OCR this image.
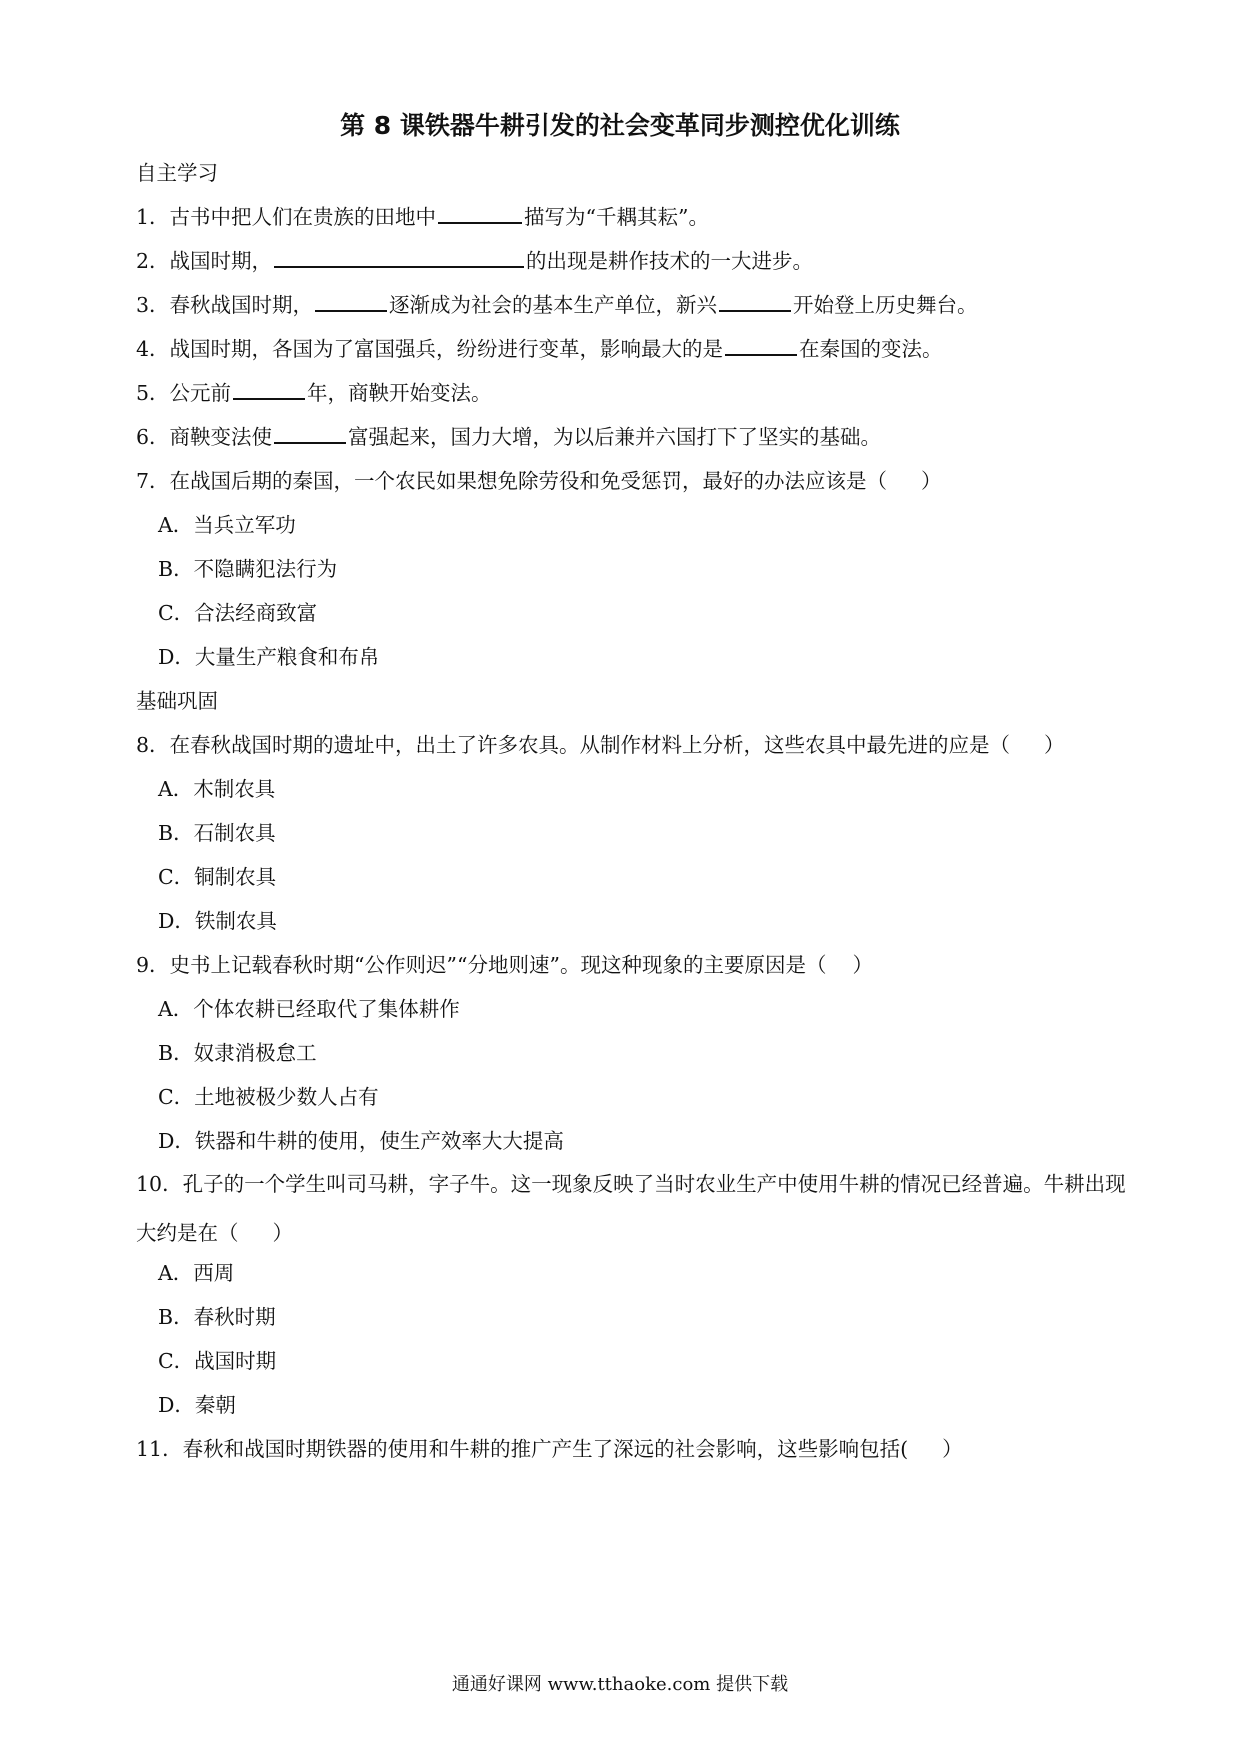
第 8 课铁器牛耕引发的社会变革同步测控优化训练
自主学习
1．古书中把人们在贵族的田地中	描写为“千耦其耘”。
2．战国时期，	的出现是耕作技术的一大进步。
3．春秋战国时期，	逐渐成为社会的基本生产单位，新兴	开始登上历史舞台。
4．战国时期，各国为了富国强兵，纷纷进行变革，影响最大的是	在秦国的变法。
5．公元前	年，商鞅开始变法。
6．商鞅变法使	富强起来，国力大增，为以后兼并六国打下了坚实的基础。
7．在战国后期的秦国，一个农民如果想免除劳役和免受惩罚，最好的办法应该是（ ）
A．当兵立军功
B．不隐瞒犯法行为
C．合法经商致富
D．大量生产粮食和布帛
基础巩固
8．在春秋战国时期的遗址中，出土了许多农具。从制作材料上分析，这些农具中最先进的应是（ ）
A．木制农具
B．石制农具
C．铜制农具
D．铁制农具
9．史书上记载春秋时期“公作则迟”“分地则速”。现这种现象的主要原因是（ ）
A．个体农耕已经取代了集体耕作
B．奴隶消极怠工
C．土地被极少数人占有
D．铁器和牛耕的使用，使生产效率大大提高
10．孔子的一个学生叫司马耕，字子牛。这一现象反映了当时农业生产中使用牛耕的情况已经普遍。牛耕出现大约是在（ ）
A．西周
B．春秋时期
C．战国时期
D．秦朝
11．春秋和战国时期铁器的使用和牛耕的推广产生了深远的社会影响，这些影响包括( ）
通通好课网 www.tthaoke.com 提供下载
